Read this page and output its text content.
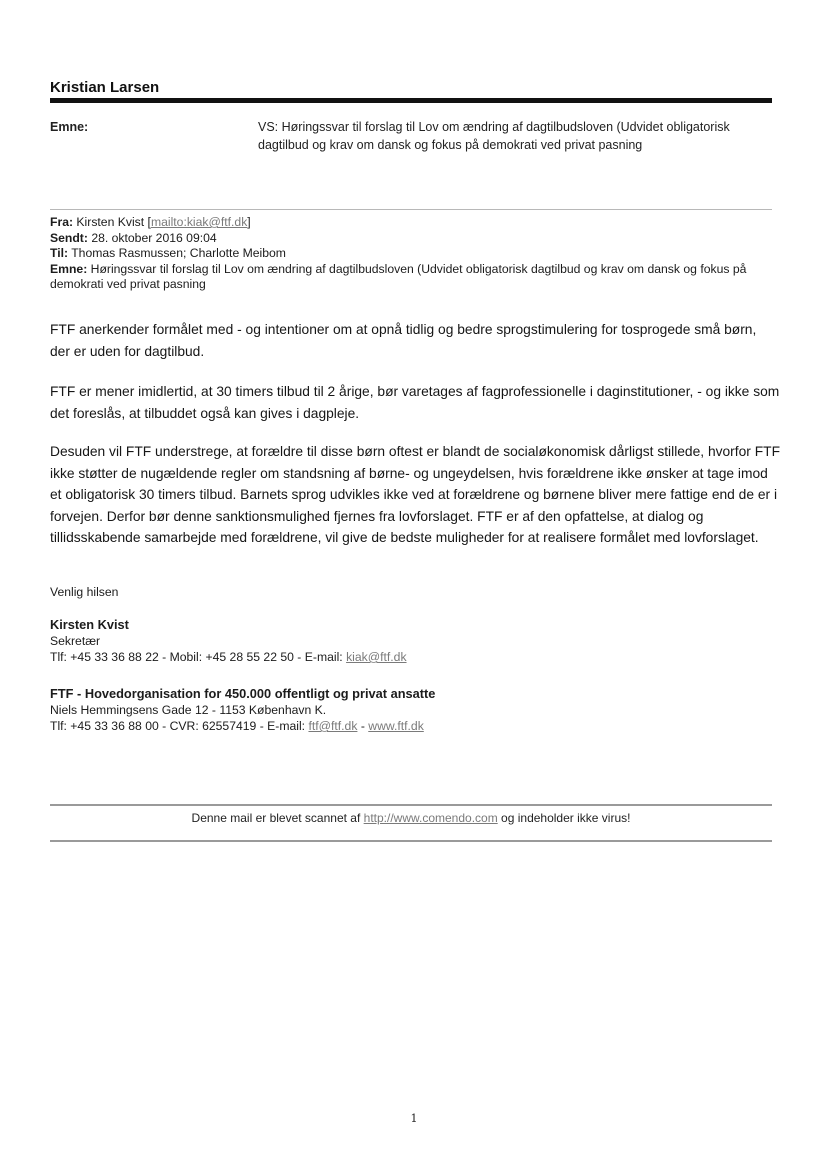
Kristian Larsen
Emne:	VS: Høringssvar til forslag til Lov om ændring af dagtilbudsloven (Udvidet obligatorisk dagtilbud og krav om dansk og fokus på demokrati ved privat pasning
Fra: Kirsten Kvist [mailto:kiak@ftf.dk]
Sendt: 28. oktober 2016 09:04
Til: Thomas Rasmussen; Charlotte Meibom
Emne: Høringssvar til forslag til Lov om ændring af dagtilbudsloven (Udvidet obligatorisk dagtilbud og krav om dansk og fokus på demokrati ved privat pasning
FTF anerkender formålet med - og intentioner om at opnå tidlig og bedre sprogstimulering for tosprogede små børn, der er uden for dagtilbud.
FTF er mener imidlertid, at 30 timers tilbud til 2 årige, bør varetages af fagprofessionelle i daginstitutioner, - og ikke som det foreslås, at tilbuddet også kan gives i dagpleje.
Desuden vil FTF understrege, at forældre til disse børn oftest er blandt de socialøkonomisk dårligst stillede, hvorfor FTF ikke støtter de nugældende regler om standsning af børne- og ungeydelsen, hvis forældrene ikke ønsker at tage imod et obligatorisk 30 timers tilbud. Barnets sprog udvikles ikke ved at forældrene og børnene bliver mere fattige end de er i forvejen. Derfor bør denne sanktionsmulighed fjernes fra lovforslaget. FTF er af den opfattelse, at dialog og tillidsskabende samarbejde med forældrene, vil give de bedste muligheder for at realisere formålet med lovforslaget.
Venlig hilsen
Kirsten Kvist
Sekretær
Tlf: +45 33 36 88 22 - Mobil: +45 28 55 22 50 - E-mail: kiak@ftf.dk
FTF - Hovedorganisation for 450.000 offentligt og privat ansatte
Niels Hemmingsens Gade 12 - 1153 København K.
Tlf: +45 33 36 88 00 - CVR: 62557419 - E-mail: ftf@ftf.dk - www.ftf.dk
Denne mail er blevet scannet af http://www.comendo.com og indeholder ikke virus!
1
